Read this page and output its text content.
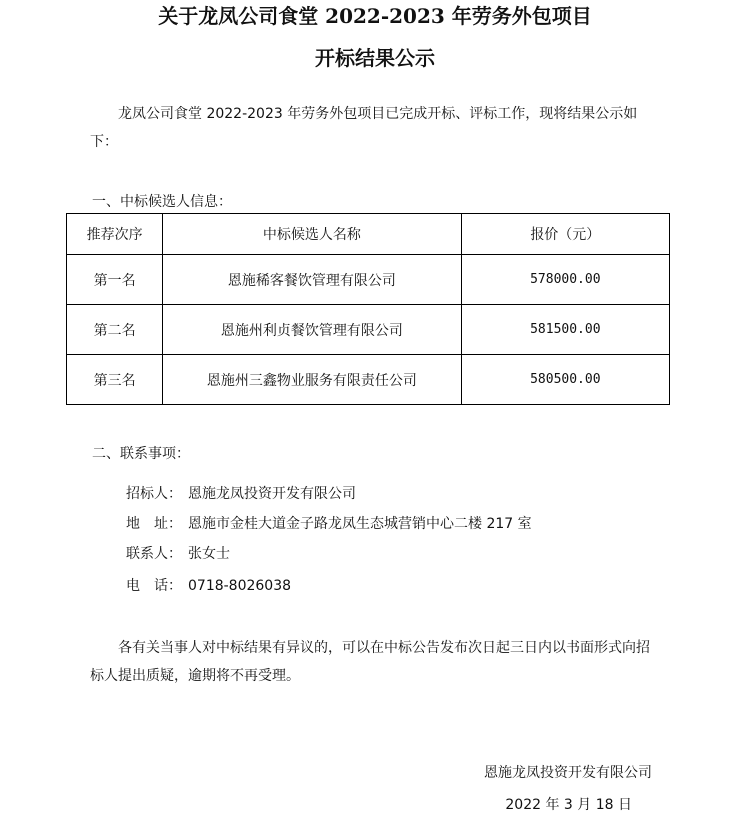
关于龙凤公司食堂 2022-2023 年劳务外包项目
开标结果公示
龙凤公司食堂 2022-2023 年劳务外包项目已完成开标、评标工作，现将结果公示如下：
一、中标候选人信息：
推荐次序	中标候选人名称	报价（元）
第一名	恩施稀客餐饮管理有限公司	578000.00
第二名	恩施州利贞餐饮管理有限公司	581500.00
第三名	恩施州三鑫物业服务有限责任公司	580500.00
二、联系事项：
招标人： 恩施龙凤投资开发有限公司
地　址： 恩施市金桂大道金子路龙凤生态城营销中心二楼 217 室
联系人： 张女士
电　话： 0718-8026038
各有关当事人对中标结果有异议的，可以在中标公告发布次日起三日内以书面形式向招标人提出质疑，逾期将不再受理。
恩施龙凤投资开发有限公司
2022 年 3 月 18 日
